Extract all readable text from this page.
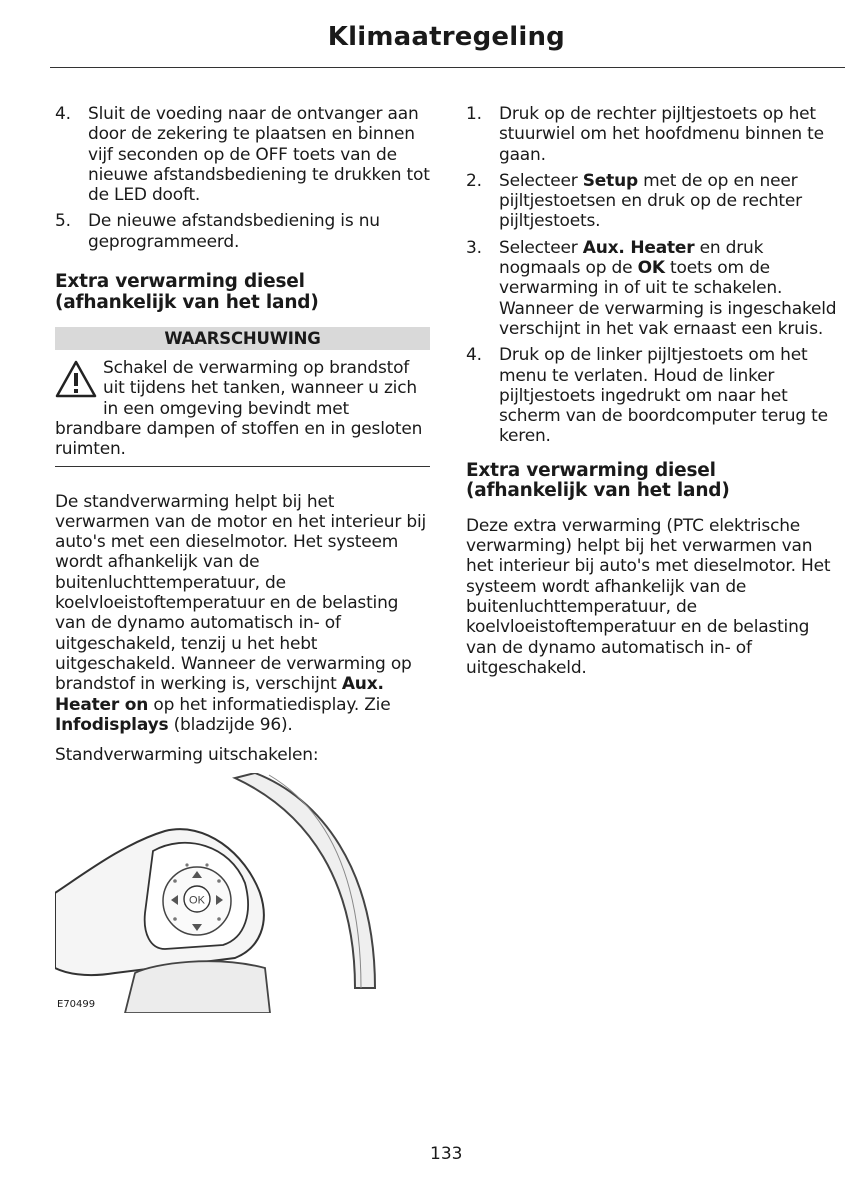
Klimaatregeling
4. Sluit de voeding naar de ontvanger aan door de zekering te plaatsen en binnen vijf seconden op de OFF toets van de nieuwe afstandsbediening te drukken tot de LED dooft.
5. De nieuwe afstandsbediening is nu geprogrammeerd.
Extra verwarming diesel
(afhankelijk van het land)
WAARSCHUWING
Schakel de verwarming op brandstof uit tijdens het tanken, wanneer u zich in een omgeving bevindt met brandbare dampen of stoffen en in gesloten ruimten.

De standverwarming helpt bij het verwarmen van de motor en het interieur bij auto's met een dieselmotor. Het systeem wordt afhankelijk van de buitenluchttemperatuur, de koelvloeistoftemperatuur en de belasting van de dynamo automatisch in- of uitgeschakeld, tenzij u het hebt uitgeschakeld. Wanneer de verwarming op brandstof in werking is, verschijnt Aux. Heater on op het informatiedisplay. Zie Infodisplays (bladzijde 96).

Standverwarming uitschakelen:

OK
E70499
1. Druk op de rechter pijltjestoets op het stuurwiel om het hoofdmenu binnen te gaan.
2. Selecteer Setup met de op en neer pijltjestoetsen en druk op de rechter pijltjestoets.
3. Selecteer Aux. Heater en druk nogmaals op de OK toets om de verwarming in of uit te schakelen. Wanneer de verwarming is ingeschakeld verschijnt in het vak ernaast een kruis.
4. Druk op de linker pijltjestoets om het menu te verlaten. Houd de linker pijltjestoets ingedrukt om naar het scherm van de boordcomputer terug te keren.
Extra verwarming diesel
(afhankelijk van het land)

Deze extra verwarming (PTC elektrische verwarming) helpt bij het verwarmen van het interieur bij auto's met dieselmotor. Het systeem wordt afhankelijk van de buitenluchttemperatuur, de koelvloeistoftemperatuur en de belasting van de dynamo automatisch in- of uitgeschakeld.

133
